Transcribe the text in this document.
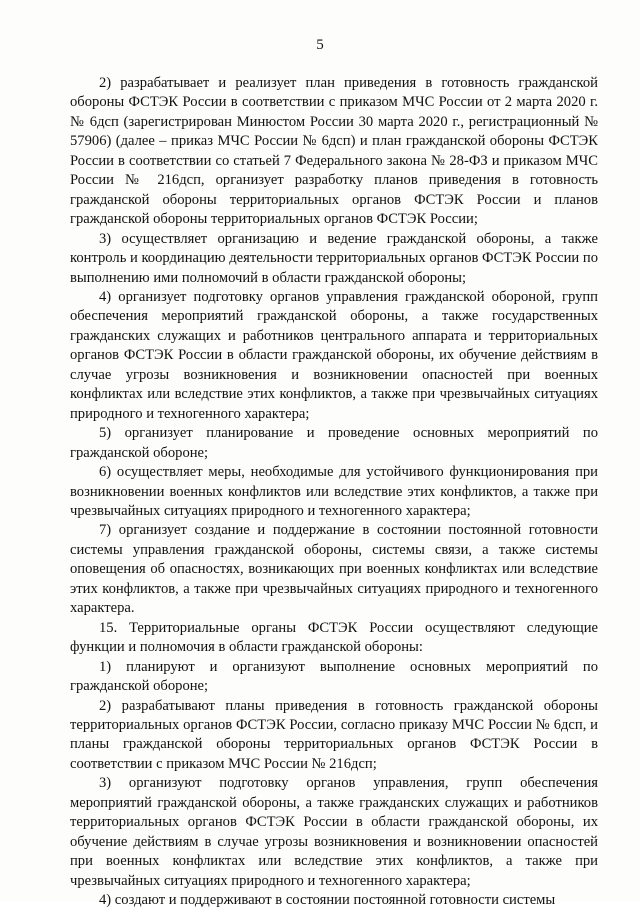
5

2) разрабатывает и реализует план приведения в готовность гражданской обороны ФСТЭК России в соответствии с приказом МЧС России от 2 марта 2020 г. № 6дсп (зарегистрирован Минюстом России 30 марта 2020 г., регистрационный № 57906) (далее – приказ МЧС России № 6дсп) и план гражданской обороны ФСТЭК России в соответствии со статьей 7 Федерального закона № 28-ФЗ и приказом МЧС России № 216дсп, организует разработку планов приведения в готовность гражданской обороны территориальных органов ФСТЭК России и планов гражданской обороны территориальных органов ФСТЭК России;

3) осуществляет организацию и ведение гражданской обороны, а также контроль и координацию деятельности территориальных органов ФСТЭК России по выполнению ими полномочий в области гражданской обороны;

4) организует подготовку органов управления гражданской обороной, групп обеспечения мероприятий гражданской обороны, а также государственных гражданских служащих и работников центрального аппарата и территориальных органов ФСТЭК России в области гражданской обороны, их обучение действиям в случае угрозы возникновения и возникновении опасностей при военных конфликтах или вследствие этих конфликтов, а также при чрезвычайных ситуациях природного и техногенного характера;

5) организует планирование и проведение основных мероприятий по гражданской обороне;

6) осуществляет меры, необходимые для устойчивого функционирования при возникновении военных конфликтов или вследствие этих конфликтов, а также при чрезвычайных ситуациях природного и техногенного характера;

7) организует создание и поддержание в состоянии постоянной готовности системы управления гражданской обороны, системы связи, а также системы оповещения об опасностях, возникающих при военных конфликтах или вследствие этих конфликтов, а также при чрезвычайных ситуациях природного и техногенного характера.

15. Территориальные органы ФСТЭК России осуществляют следующие функции и полномочия в области гражданской обороны:

1) планируют и организуют выполнение основных мероприятий по гражданской обороне;

2) разрабатывают планы приведения в готовность гражданской обороны территориальных органов ФСТЭК России, согласно приказу МЧС России № 6дсп, и планы гражданской обороны территориальных органов ФСТЭК России в соответствии с приказом МЧС России № 216дсп;

3) организуют подготовку органов управления, групп обеспечения мероприятий гражданской обороны, а также гражданских служащих и работников территориальных органов ФСТЭК России в области гражданской обороны, их обучение действиям в случае угрозы возникновения и возникновении опасностей при военных конфликтах или вследствие этих конфликтов, а также при чрезвычайных ситуациях природного и техногенного характера;

4) создают и поддерживают в состоянии постоянной готовности системы
